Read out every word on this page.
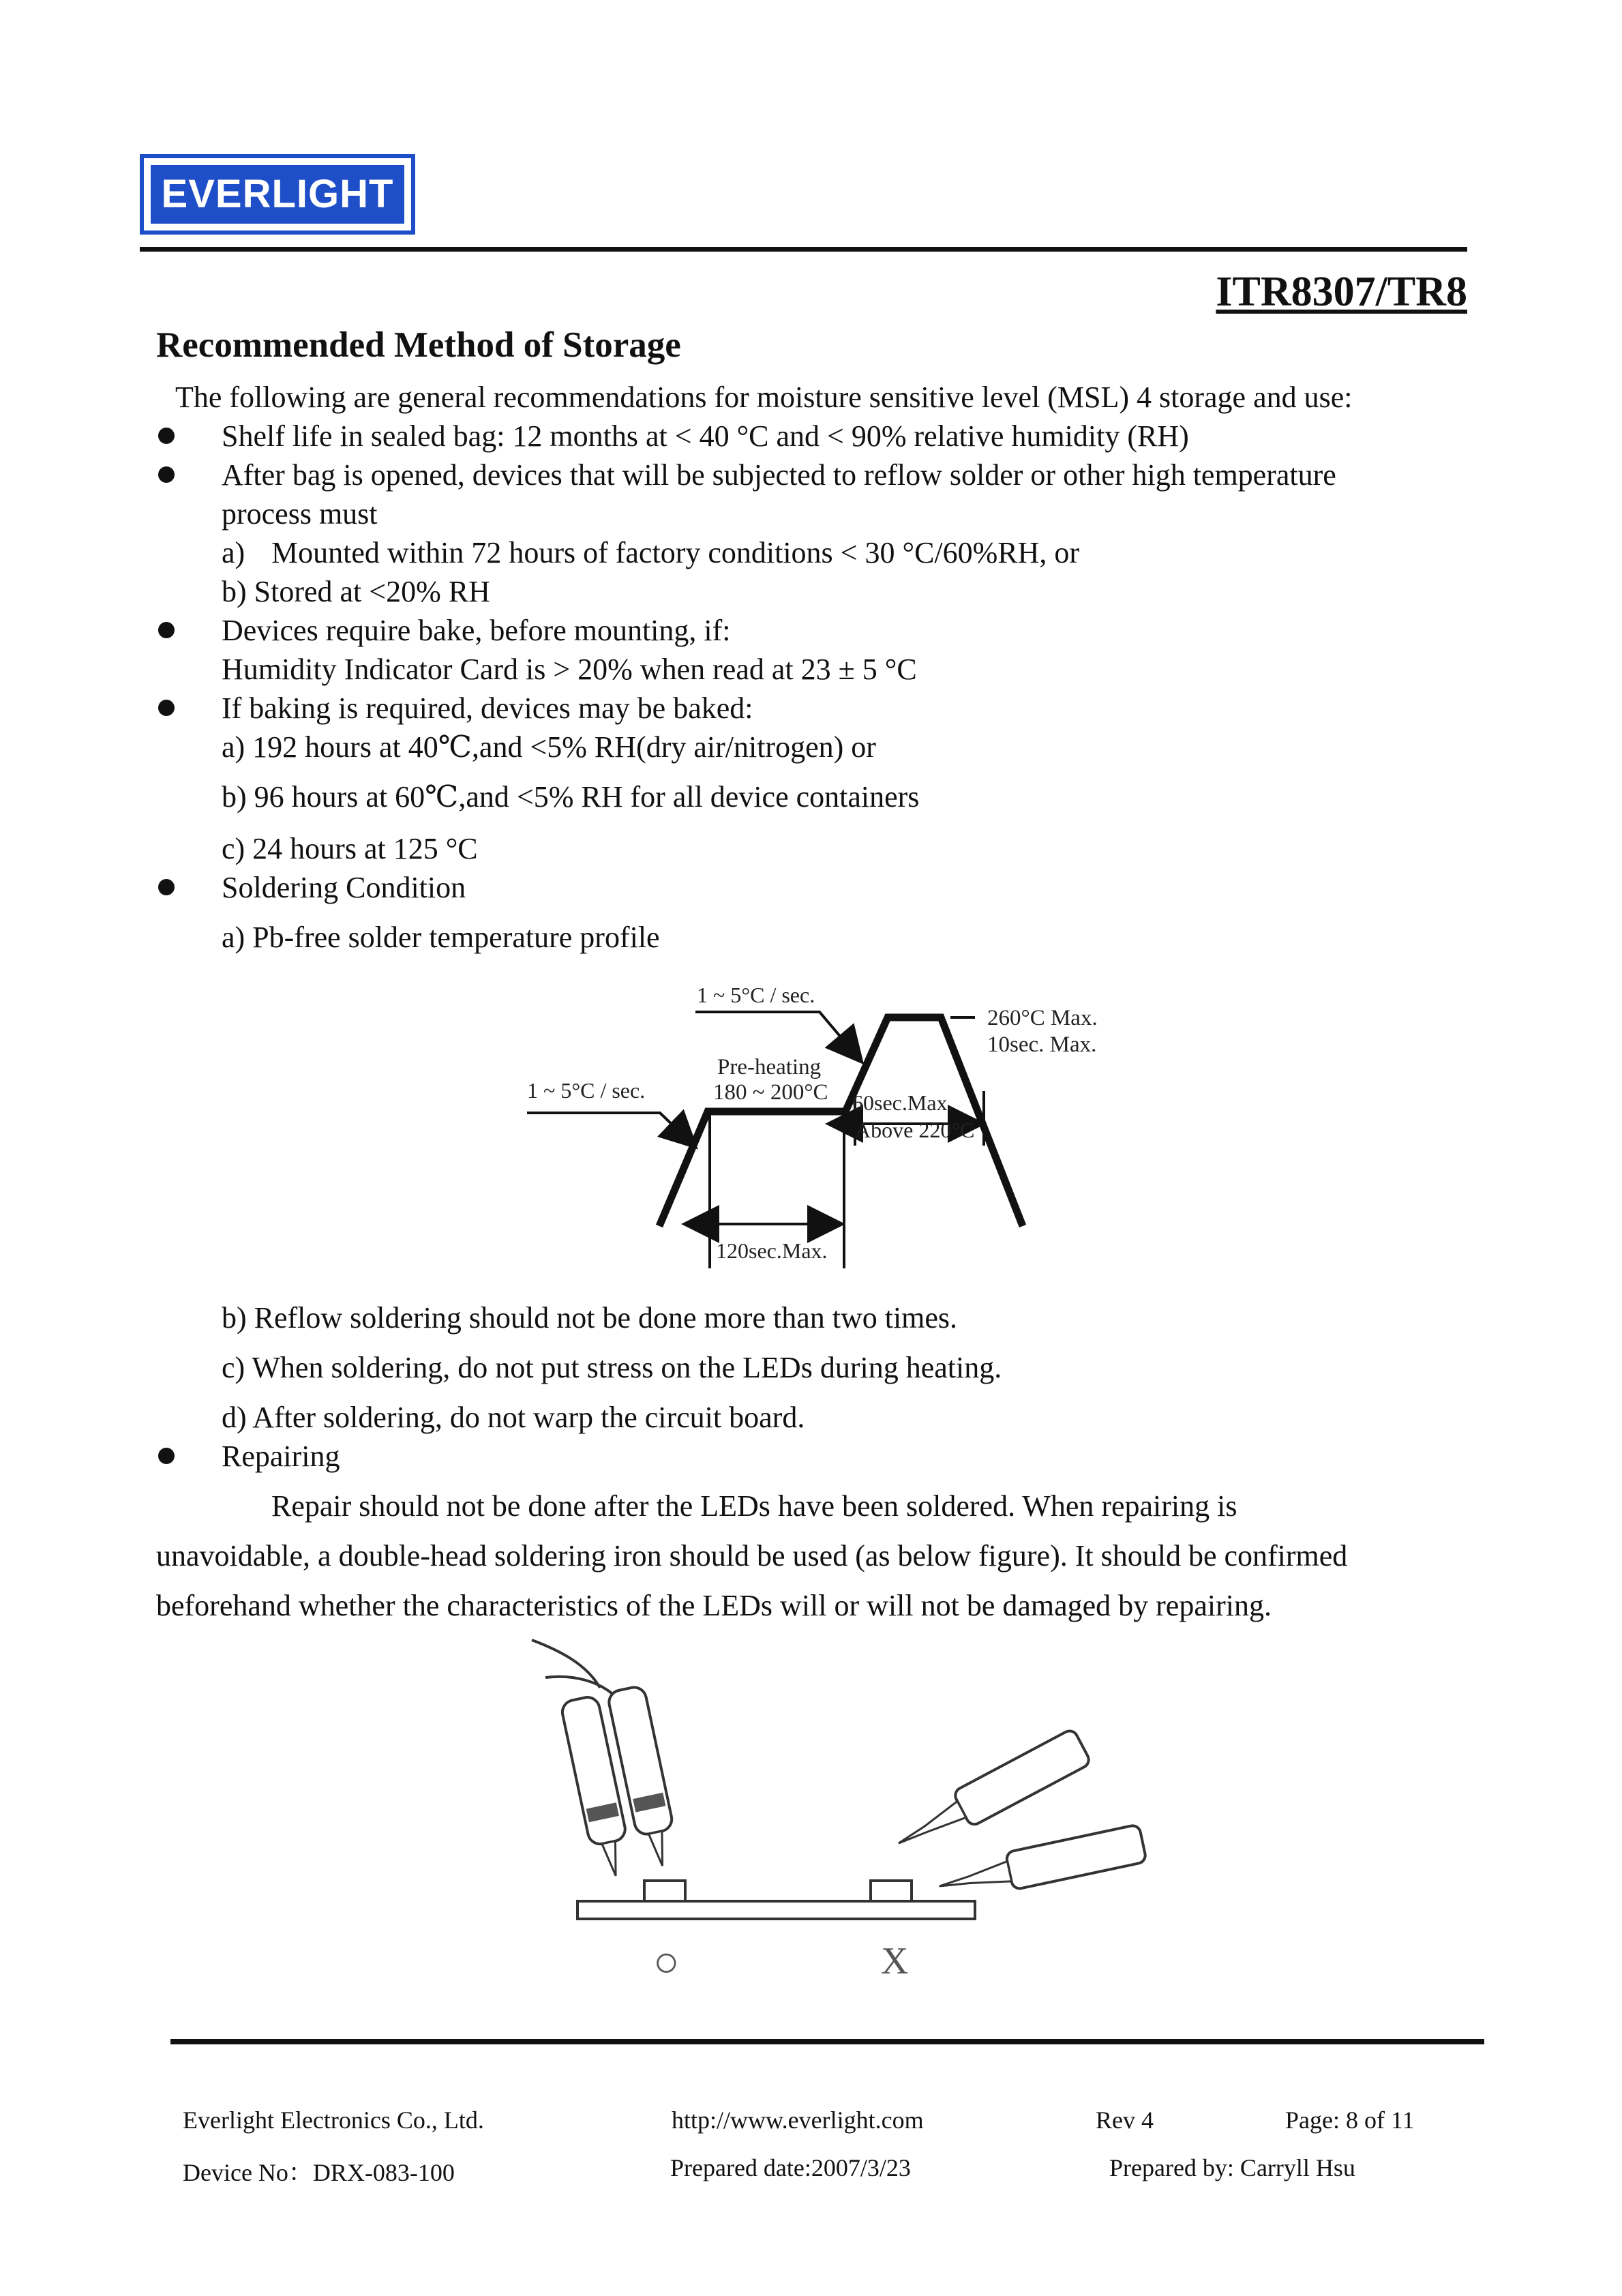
EVERLIGHT
ITR8307/TR8
Recommended Method of Storage
The following are general recommendations for moisture sensitive level (MSL) 4 storage and use:
Shelf life in sealed bag: 12 months at < 40 °C and < 90% relative humidity (RH)
After bag is opened, devices that will be subjected to reflow solder or other high temperature
process must
a) Mounted within 72 hours of factory conditions < 30 °C/60%RH, or
b) Stored at <20% RH
Devices require bake, before mounting, if:
Humidity Indicator Card is > 20% when read at 23 ± 5 °C
If baking is required, devices may be baked:
a) 192 hours at 40℃,and <5% RH(dry air/nitrogen) or
b) 96 hours at 60℃,and <5% RH for all device containers
c) 24 hours at 125 °C
Soldering Condition
a) Pb-free solder temperature profile
1 ~ 5°C / sec.
1 ~ 5°C / sec.
Pre-heating
180 ~ 200°C
260°C Max.
10sec. Max.
60sec.Max.
Above 220°C
120sec.Max.
b) Reflow soldering should not be done more than two times.
c) When soldering, do not put stress on the LEDs during heating.
d) After soldering, do not warp the circuit board.
Repairing
Repair should not be done after the LEDs have been soldered. When repairing is
unavoidable, a double-head soldering iron should be used (as below figure). It should be confirmed
beforehand whether the characteristics of the LEDs will or will not be damaged by repairing.
○	X
Everlight Electronics Co., Ltd.	http://www.everlight.com	Rev 4	Page: 8 of 11
Device No：DRX-083-100	Prepared date:2007/3/23	Prepared by: Carryll Hsu
